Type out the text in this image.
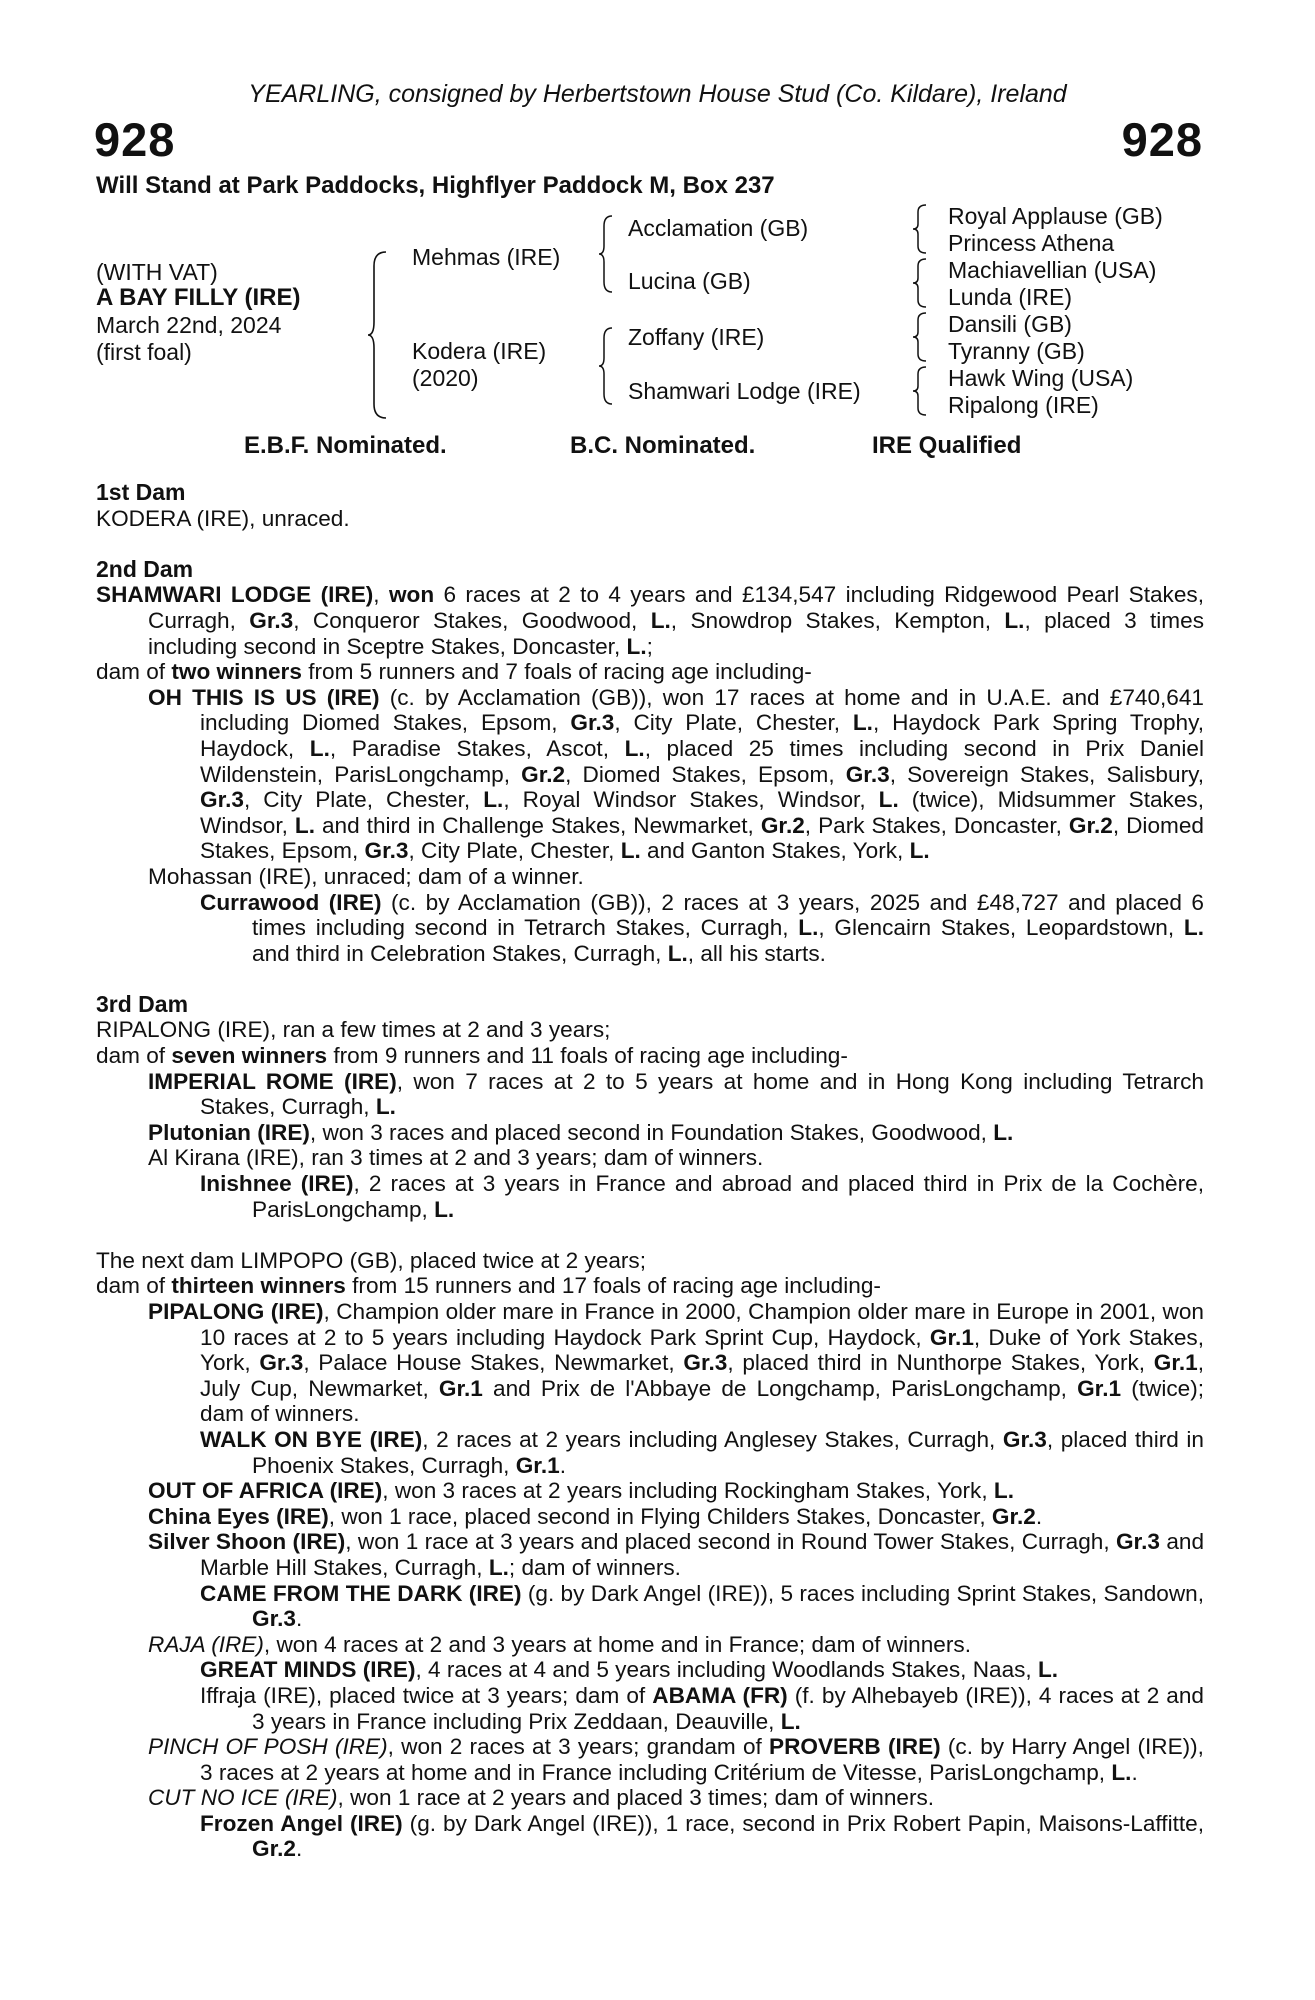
YEARLING, consigned by Herbertstown House Stud (Co. Kildare), Ireland
928	928
Will Stand at Park Paddocks, Highflyer Paddock M, Box 237
(WITH VAT)
A BAY FILLY (IRE)
March 22nd, 2024
(first foal)
Mehmas (IRE)
Kodera (IRE)
(2020)
Acclamation (GB)
Lucina (GB)
Zoffany (IRE)
Shamwari Lodge (IRE)
Royal Applause (GB)
Princess Athena
Machiavellian (USA)
Lunda (IRE)
Dansili (GB)
Tyranny (GB)
Hawk Wing (USA)
Ripalong (IRE)
E.B.F. Nominated.	B.C. Nominated.	IRE Qualified
1st Dam
KODERA (IRE), unraced.
2nd Dam
SHAMWARI LODGE (IRE), won 6 races at 2 to 4 years and £134,547 including Ridgewood Pearl Stakes, Curragh, Gr.3, Conqueror Stakes, Goodwood, L., Snowdrop Stakes, Kempton, L., placed 3 times including second in Sceptre Stakes, Doncaster, L.;
dam of two winners from 5 runners and 7 foals of racing age including-
OH THIS IS US (IRE) (c. by Acclamation (GB)), won 17 races at home and in U.A.E. and £740,641 including Diomed Stakes, Epsom, Gr.3, City Plate, Chester, L., Haydock Park Spring Trophy, Haydock, L., Paradise Stakes, Ascot, L., placed 25 times including second in Prix Daniel Wildenstein, ParisLongchamp, Gr.2, Diomed Stakes, Epsom, Gr.3, Sovereign Stakes, Salisbury, Gr.3, City Plate, Chester, L., Royal Windsor Stakes, Windsor, L. (twice), Midsummer Stakes, Windsor, L. and third in Challenge Stakes, Newmarket, Gr.2, Park Stakes, Doncaster, Gr.2, Diomed Stakes, Epsom, Gr.3, City Plate, Chester, L. and Ganton Stakes, York, L.
Mohassan (IRE), unraced; dam of a winner.
Currawood (IRE) (c. by Acclamation (GB)), 2 races at 3 years, 2025 and £48,727 and placed 6 times including second in Tetrarch Stakes, Curragh, L., Glencairn Stakes, Leopardstown, L. and third in Celebration Stakes, Curragh, L., all his starts.
3rd Dam
RIPALONG (IRE), ran a few times at 2 and 3 years;
dam of seven winners from 9 runners and 11 foals of racing age including-
IMPERIAL ROME (IRE), won 7 races at 2 to 5 years at home and in Hong Kong including Tetrarch Stakes, Curragh, L.
Plutonian (IRE), won 3 races and placed second in Foundation Stakes, Goodwood, L.
Al Kirana (IRE), ran 3 times at 2 and 3 years; dam of winners.
Inishnee (IRE), 2 races at 3 years in France and abroad and placed third in Prix de la Cochère, ParisLongchamp, L.
The next dam LIMPOPO (GB), placed twice at 2 years;
dam of thirteen winners from 15 runners and 17 foals of racing age including-
PIPALONG (IRE), Champion older mare in France in 2000, Champion older mare in Europe in 2001, won 10 races at 2 to 5 years including Haydock Park Sprint Cup, Haydock, Gr.1, Duke of York Stakes, York, Gr.3, Palace House Stakes, Newmarket, Gr.3, placed third in Nunthorpe Stakes, York, Gr.1, July Cup, Newmarket, Gr.1 and Prix de l'Abbaye de Longchamp, ParisLongchamp, Gr.1 (twice); dam of winners.
WALK ON BYE (IRE), 2 races at 2 years including Anglesey Stakes, Curragh, Gr.3, placed third in Phoenix Stakes, Curragh, Gr.1.
OUT OF AFRICA (IRE), won 3 races at 2 years including Rockingham Stakes, York, L.
China Eyes (IRE), won 1 race, placed second in Flying Childers Stakes, Doncaster, Gr.2.
Silver Shoon (IRE), won 1 race at 3 years and placed second in Round Tower Stakes, Curragh, Gr.3 and Marble Hill Stakes, Curragh, L.; dam of winners.
CAME FROM THE DARK (IRE) (g. by Dark Angel (IRE)), 5 races including Sprint Stakes, Sandown, Gr.3.
RAJA (IRE), won 4 races at 2 and 3 years at home and in France; dam of winners.
GREAT MINDS (IRE), 4 races at 4 and 5 years including Woodlands Stakes, Naas, L.
Iffraja (IRE), placed twice at 3 years; dam of ABAMA (FR) (f. by Alhebayeb (IRE)), 4 races at 2 and 3 years in France including Prix Zeddaan, Deauville, L.
PINCH OF POSH (IRE), won 2 races at 3 years; grandam of PROVERB (IRE) (c. by Harry Angel (IRE)), 3 races at 2 years at home and in France including Critérium de Vitesse, ParisLongchamp, L..
CUT NO ICE (IRE), won 1 race at 2 years and placed 3 times; dam of winners.
Frozen Angel (IRE) (g. by Dark Angel (IRE)), 1 race, second in Prix Robert Papin, Maisons-Laffitte, Gr.2.
